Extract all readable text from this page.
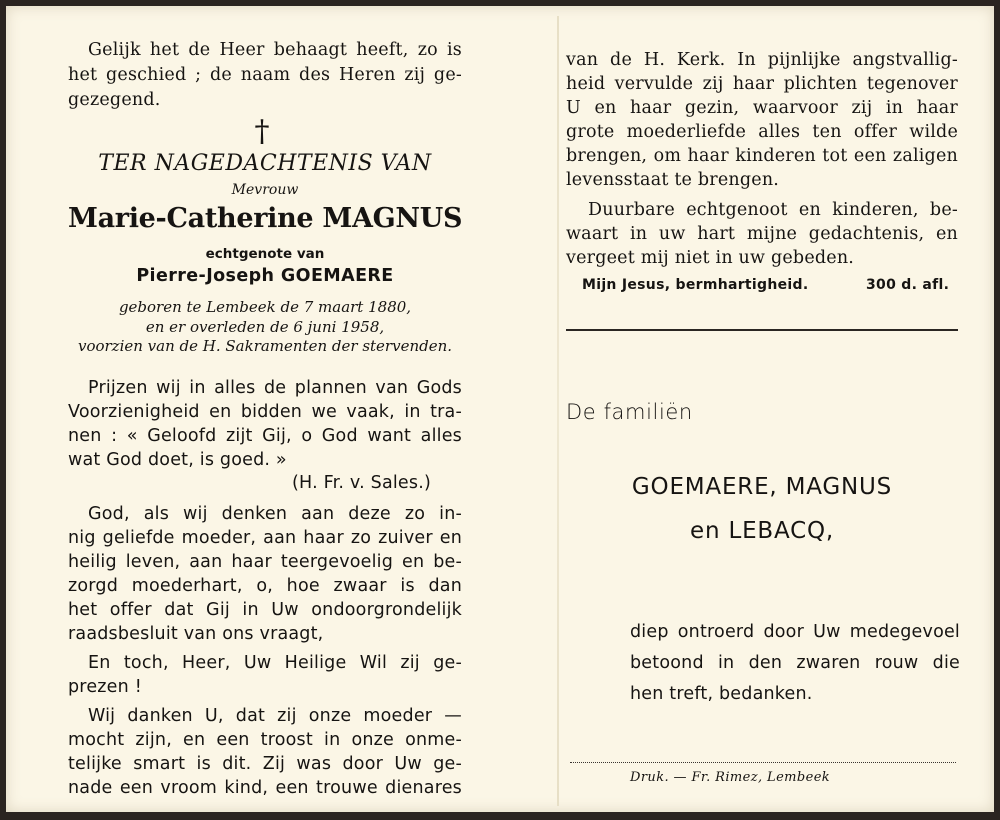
Gelijk het de Heer behaagt heeft, zo is
het geschied ; de naam des Heren zij ge-
gezegend.
†
TER NAGEDACHTENIS VAN
Mevrouw
Marie-Catherine MAGNUS
echtgenote van
Pierre-Joseph GOEMAERE
geboren te Lembeek de 7 maart 1880,
en er overleden de 6 juni 1958,
voorzien van de H. Sakramenten der stervenden.
Prijzen wij in alles de plannen van Gods
Voorzienigheid en bidden we vaak, in tra-
nen : « Geloofd zijt Gij, o God want alles
wat God doet, is goed. »
(H. Fr. v. Sales.)
God, als wij denken aan deze zo in-
nig geliefde moeder, aan haar zo zuiver en
heilig leven, aan haar teergevoelig en be-
zorgd moederhart, o, hoe zwaar is dan
het offer dat Gij in Uw ondoorgrondelijk
raadsbesluit van ons vraagt,
En toch, Heer, Uw Heilige Wil zij ge-
prezen !
Wij danken U, dat zij onze moeder —
mocht zijn, en een troost in onze onme-
telijke smart is dit. Zij was door Uw ge-
nade een vroom kind, een trouwe dienares
van de H. Kerk. In pijnlijke angstvallig-
heid vervulde zij haar plichten tegenover
U en haar gezin, waarvoor zij in haar
grote moederliefde alles ten offer wilde
brengen, om haar kinderen tot een zaligen
levensstaat te brengen.
Duurbare echtgenoot en kinderen, be-
waart in uw hart mijne gedachtenis, en
vergeet mij niet in uw gebeden.
Mijn Jesus, bermhartigheid.	300 d. afl.
De familiën
GOEMAERE, MAGNUS
en LEBACQ,
diep ontroerd door Uw medegevoel
betoond in den zwaren rouw die
hen treft, bedanken.
Druk. — Fr. Rimez, Lembeek
